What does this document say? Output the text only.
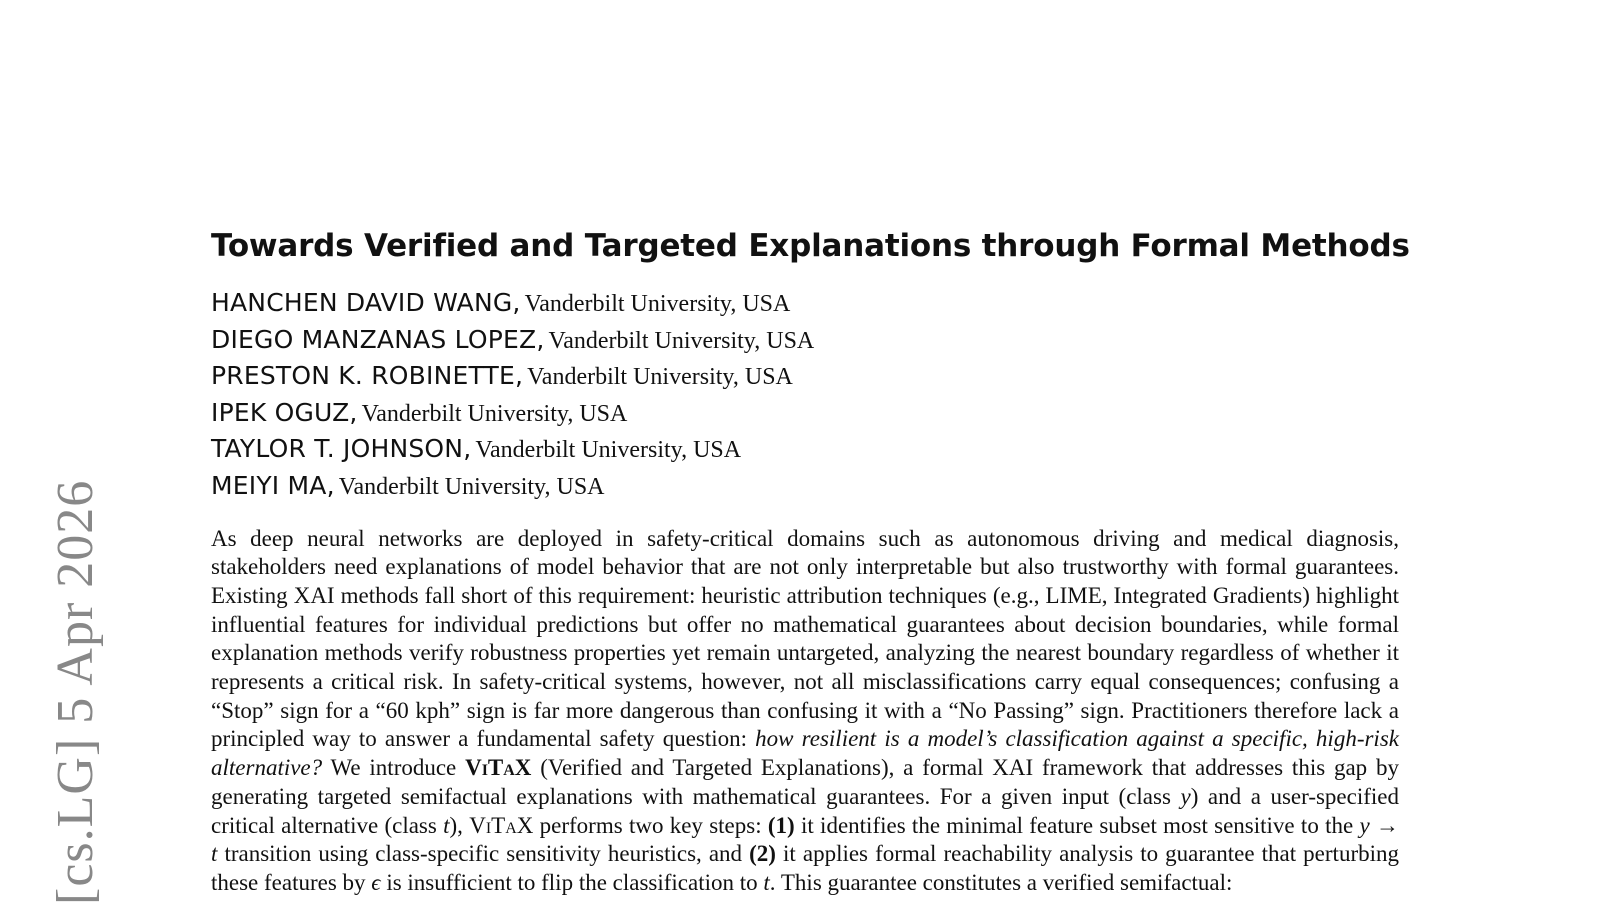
[cs.LG] 5 Apr 2026
Towards Verified and Targeted Explanations through Formal Methods
HANCHEN DAVID WANG, Vanderbilt University, USA
DIEGO MANZANAS LOPEZ, Vanderbilt University, USA
PRESTON K. ROBINETTE, Vanderbilt University, USA
IPEK OGUZ, Vanderbilt University, USA
TAYLOR T. JOHNSON, Vanderbilt University, USA
MEIYI MA, Vanderbilt University, USA

As deep neural networks are deployed in safety-critical domains such as autonomous driving and medical diagnosis, stakeholders need explanations of model behavior that are not only interpretable but also trustworthy with formal guarantees. Existing XAI methods fall short of this requirement: heuristic attribution techniques (e.g., LIME, Integrated Gradients) highlight influential features for individual predictions but offer no mathematical guarantees about decision boundaries, while formal explanation methods verify robustness properties yet remain untargeted, analyzing the nearest boundary regardless of whether it represents a critical risk. In safety-critical systems, however, not all misclassifications carry equal consequences; confusing a “Stop” sign for a “60 kph” sign is far more dangerous than confusing it with a “No Passing” sign. Practitioners therefore lack a principled way to answer a fundamental safety question: how resilient is a model’s classification against a specific, high-risk alternative? We introduce ViTaX (Verified and Targeted Explanations), a formal XAI framework that addresses this gap by generating targeted semifactual explanations with mathematical guarantees. For a given input (class y) and a user-specified critical alternative (class t), ViTaX performs two key steps: (1) it identifies the minimal feature subset most sensitive to the y → t transition using class-specific sensitivity heuristics, and (2) it applies formal reachability analysis to guarantee that perturbing these features by ϵ is insufficient to flip the classification to t. This guarantee constitutes a verified semifactual:
